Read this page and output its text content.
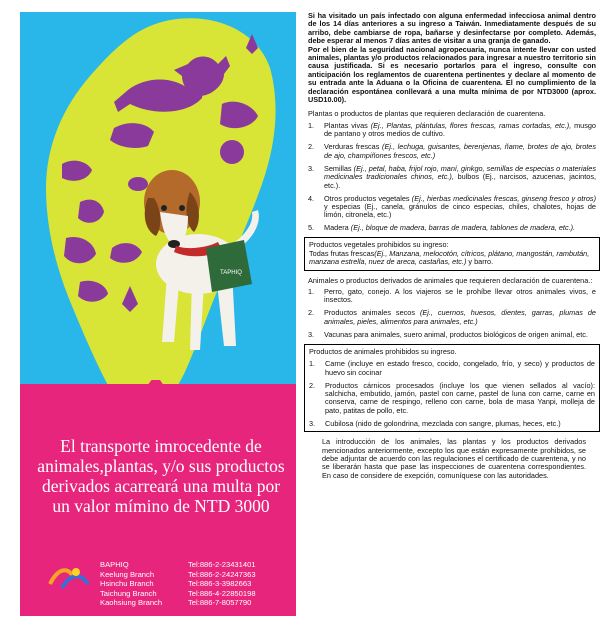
TAPHIQ

El transporte imrocedente de animales,plantas, y/o sus productos derivados acarreará una multa por un valor mímino de NTD 3000

BAPHIQ	Tel:886-2-23431401
Keelung Branch	Tel:886-2-24247363
Hsinchu Branch	Tel:886-3-3982663
Taichung Branch	Tel:886-4-22850198
Kaohsiung Branch	Tel:886-7-8057790

Si ha visitado un país infectado con alguna enfermedad infecciosa animal dentro de los 14 días anteriores a su ingreso a Taiwán. Inmediatamente después de su arribo, debe cambiarse de ropa, bañarse y desinfectarse por completo. Además, debe esperar al menos 7 días antes de visitar a una granja de ganado.

Por el bien de la seguridad nacional agropecuaria, nunca intente llevar con usted animales, plantas y/o productos relacionados para ingresar a nuestro territorio sin causa justificada. Si es necesario portarlos para el ingreso, consulte con anticipación los reglamentos de cuarentena pertinentes y declare al momento de su entrada ante la Aduana o la Oficina de cuarentena. El no cumplimiento de la declaración espontánea conllevará a una multa mínima de por NTD3000 (aprox. USD10.00).

Plantas o productos de plantas que requieren declaración de cuarentena.

1.	Plantas vivas (Ej., Plantas, plántulas, flores frescas, ramas cortadas, etc.), musgo de pantano y otros medios de cultivo.
2.	Verduras frescas (Ej., lechuga, guisantes, berenjenas, ñame, brotes de ajo, brotes de ajo, champiñones frescos, etc.)
3.	Semillas (Ej., petal, haba, frijol rojo, maní, ginkgo, semillas de especias o materiales medicinales tradicionales chinos, etc.), bulbos (Ej., narcisos, azucenas, jacintos, etc.).
4.	Otros productos vegetales (Ej., hierbas medicinales frescas, ginseng fresco y otros) y especias (Ej., canela, gránulos de cinco especias, chiles, chalotes, hojas de limón, citronela, etc.)
5.	Madera (Ej., bloque de madera, barras de madera, tablones de madera, etc.).

Productos vegetales prohibidos su ingreso:

Todas frutas frescas(Ej., Manzana, melocotón, cítricos, plátano, mangostán, rambután, manzana estrella, nuez de areca, castañas, etc.) y barro.

Animales o productos derivados de animales que requieren declaración de cuarentena.:

1.	Perro, gato, conejo. A los viajeros se le prohíbe llevar otros animales vivos, e insectos.
2.	Productos animales secos (Ej., cuernos, huesos, dientes, garras, plumas de animales, pieles, alimentos para animales, etc.)
3.	Vacunas para animales, suero animal, productos biológicos de origen animal, etc.

Productos de animales prohibidos su ingreso.

1.	Carne (incluye en estado fresco, cocido, congelado, frío, y seco) y productos de huevo sin cocinar
2.	Productos cárnicos procesados (incluye los que vienen sellados al vacío): salchicha, embutido, jamón, pastel con carne, pastel de luna con carne, carne en conserva, carne de respingo, relleno con carne, bola de masa Yanpi, molleja de pato, patitas de pollo, etc.
3.	Cubilosa (nido de golondrina, mezclada con sangre, plumas, heces, etc.)

La introducción de los animales, las plantas y los productos derivados mencionados anteriormente, excepto los que están expresamente prohibidos, se debe adjuntar de acuerdo con las regulaciones el certificado de cuarentena, y no se liberarán hasta que pase las inspecciones de cuarentena correspondientes. En caso de considere de exepción, comuníquese con las autoridades.
